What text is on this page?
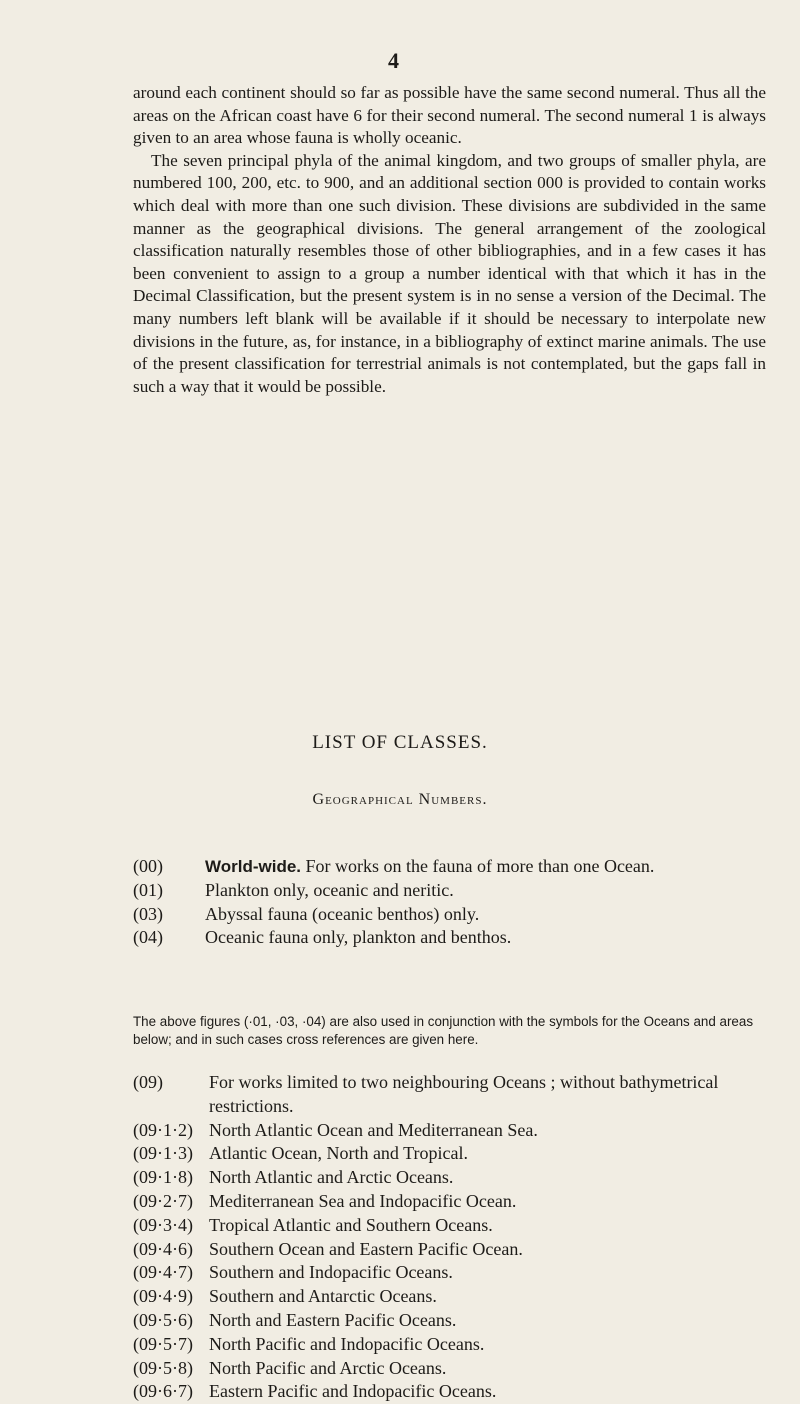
4

around each continent should so far as possible have the same second numeral. Thus all the areas on the African coast have 6 for their second numeral. The second numeral 1 is always given to an area whose fauna is wholly oceanic.

The seven principal phyla of the animal kingdom, and two groups of smaller phyla, are numbered 100, 200, etc. to 900, and an additional section 000 is provided to contain works which deal with more than one such division. These divisions are subdivided in the same manner as the geographical divisions. The general arrangement of the zoological classification naturally resembles those of other bibliographies, and in a few cases it has been convenient to assign to a group a number identical with that which it has in the Decimal Classification, but the present system is in no sense a version of the Decimal. The many numbers left blank will be available if it should be necessary to interpolate new divisions in the future, as, for instance, in a bibliography of extinct marine animals. The use of the present classification for terrestrial animals is not contemplated, but the gaps fall in such a way that it would be possible.

LIST OF CLASSES.
Geographical Numbers.
(00) World-wide. For works on the fauna of more than one Ocean.
(01) Plankton only, oceanic and neritic.
(03) Abyssal fauna (oceanic benthos) only.
(04) Oceanic fauna only, plankton and benthos.
The above figures (·01, ·03, ·04) are also used in conjunction with the symbols for the Oceans and areas below; and in such cases cross references are given here.
(09)	For works limited to two neighbouring Oceans ; without bathymetrical restrictions.
(09·1·2) North Atlantic Ocean and Mediterranean Sea.
(09·1·3) Atlantic Ocean, North and Tropical.
(09·1·8) North Atlantic and Arctic Oceans.
(09·2·7) Mediterranean Sea and Indopacific Ocean.
(09·3·4) Tropical Atlantic and Southern Oceans.
(09·4·6) Southern Ocean and Eastern Pacific Ocean.
(09·4·7) Southern and Indopacific Oceans.
(09·4·9) Southern and Antarctic Oceans.
(09·5·6) North and Eastern Pacific Oceans.
(09·5·7) North Pacific and Indopacific Oceans.
(09·5·8) North Pacific and Arctic Oceans.
(09·6·7) Eastern Pacific and Indopacific Oceans.
